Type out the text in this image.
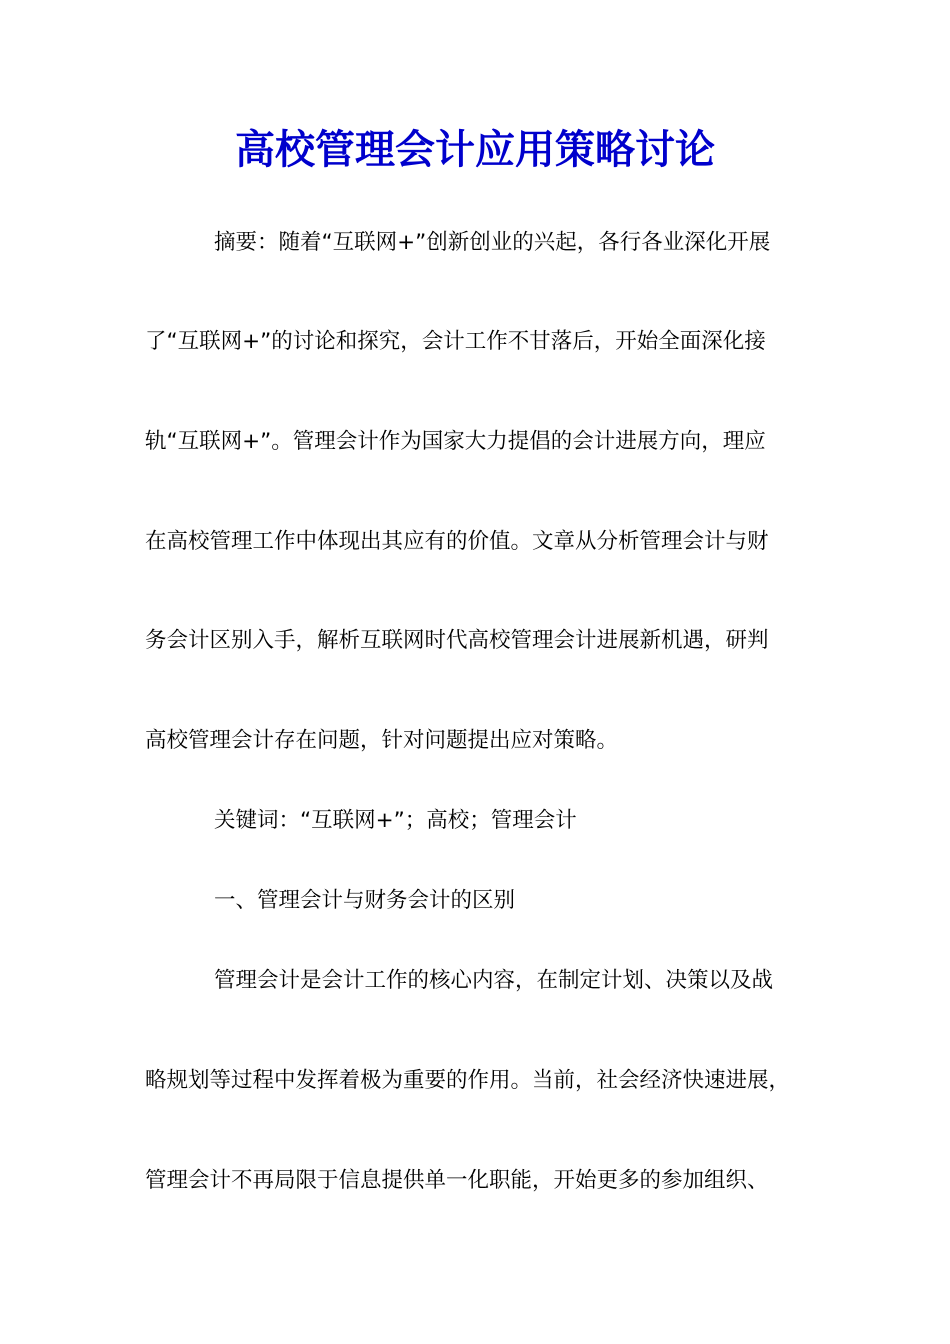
高校管理会计应用策略讨论

摘要：随着“互联网+”创新创业的兴起，各行各业深化开展

了“互联网+”的讨论和探究，会计工作不甘落后，开始全面深化接

轨“互联网+”。管理会计作为国家大力提倡的会计进展方向，理应

在高校管理工作中体现出其应有的价值。文章从分析管理会计与财

务会计区别入手，解析互联网时代高校管理会计进展新机遇，研判

高校管理会计存在问题，针对问题提出应对策略。

关键词：“互联网+”；高校；管理会计

一、管理会计与财务会计的区别

管理会计是会计工作的核心内容，在制定计划、决策以及战

略规划等过程中发挥着极为重要的作用。当前，社会经济快速进展，

管理会计不再局限于信息提供单一化职能，开始更多的参加组织、
